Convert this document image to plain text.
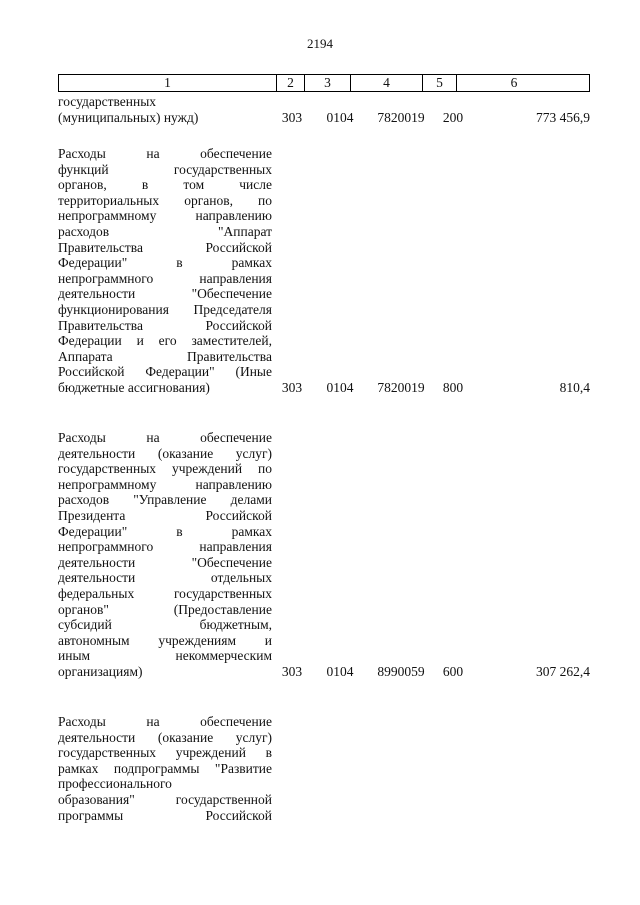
2194
1	2	3	4	5	6
государственных
(муниципальных) нужд)	303	0104	7820019	200	773 456,9
Расходы на обеспечение
функций государственных
органов, в том числе
территориальных органов, по
непрограммному направлению
расходов "Аппарат
Правительства Российской
Федерации" в рамках
непрограммного направления
деятельности "Обеспечение
функционирования Председателя
Правительства Российской
Федерации и его заместителей,
Аппарата Правительства
Российской Федерации" (Иные
бюджетные ассигнования)	303	0104	7820019	800	810,4
Расходы на обеспечение
деятельности (оказание услуг)
государственных учреждений по
непрограммному направлению
расходов "Управление делами
Президента Российской
Федерации" в рамках
непрограммного направления
деятельности "Обеспечение
деятельности отдельных
федеральных государственных
органов" (Предоставление
субсидий бюджетным,
автономным учреждениям и
иным некоммерческим
организациям)	303	0104	8990059	600	307 262,4
Расходы на обеспечение
деятельности (оказание услуг)
государственных учреждений в
рамках подпрограммы "Развитие
профессионального
образования" государственной
программы Российской
